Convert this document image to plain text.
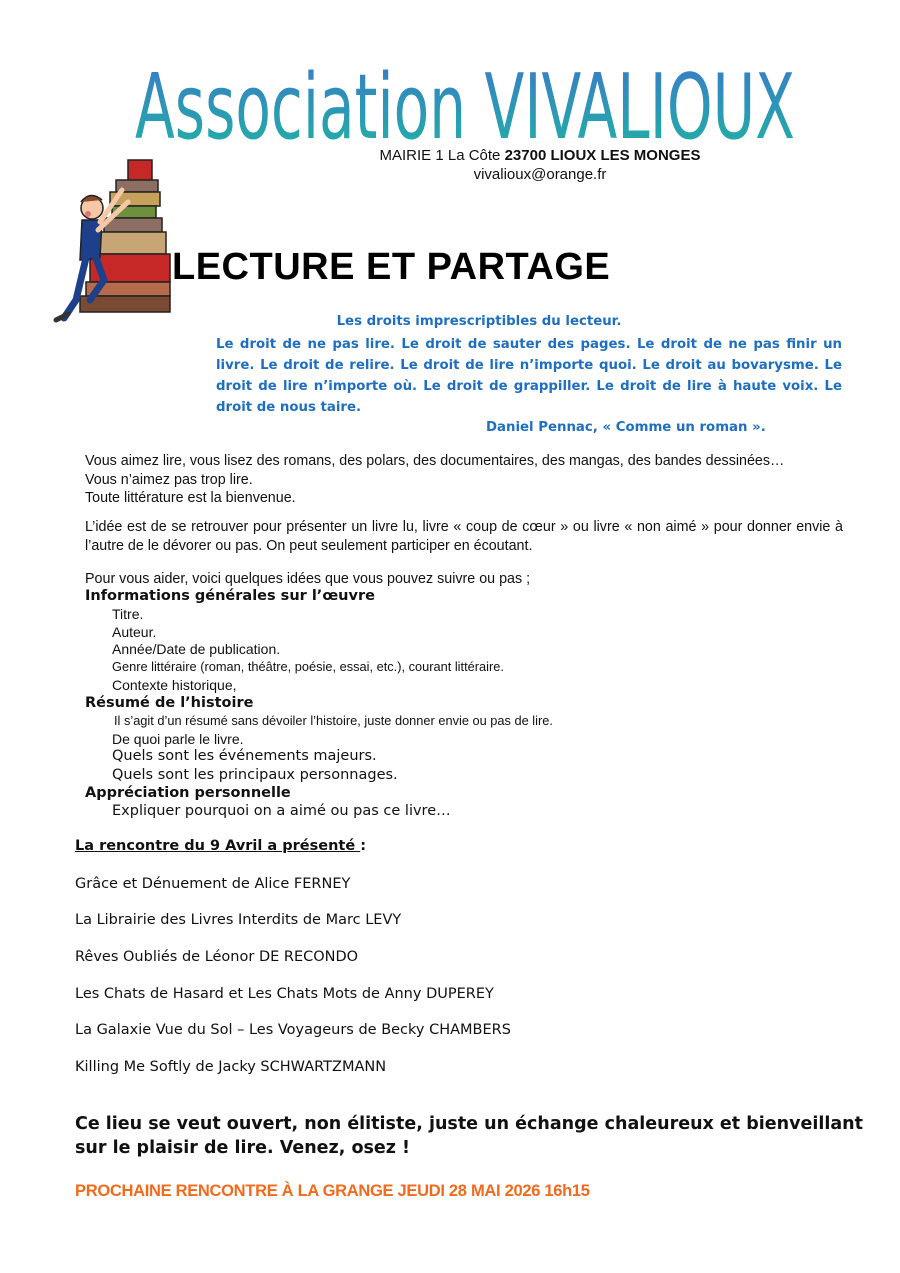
Association VIVALIOUX
MAIRIE 1 La Côte 23700 LIOUX LES MONGES
vivalioux@orange.fr
LECTURE ET PARTAGE
Les droits imprescriptibles du lecteur.
Le droit de ne pas lire. Le droit de sauter des pages. Le droit de ne pas finir un livre. Le droit de relire. Le droit de lire n’importe quoi. Le droit au bovarysme. Le droit de lire n’importe où. Le droit de grappiller. Le droit de lire à haute voix. Le droit de nous taire.
Daniel Pennac, « Comme un roman ».

Vous aimez lire, vous lisez des romans, des polars, des documentaires, des mangas, des bandes dessinées…

Vous n’aimez pas trop lire.

Toute littérature est la bienvenue.

L’idée est de se retrouver pour présenter un livre lu, livre « coup de cœur » ou livre « non aimé » pour donner envie à l’autre de le dévorer ou pas. On peut seulement participer en écoutant.
Pour vous aider, voici quelques idées que vous pouvez suivre ou pas ;
Informations générales sur l’œuvre
Titre.
Auteur.
Année/Date de publication.
Genre littéraire (roman, théâtre, poésie, essai, etc.), courant littéraire.
Contexte historique,
Résumé de l’histoire
Il s’agit d’un résumé sans dévoiler l’histoire, juste donner envie ou pas de lire.
De quoi parle le livre.
Quels sont les événements majeurs.
Quels sont les principaux personnages.
Appréciation personnelle
Expliquer pourquoi on a aimé ou pas ce livre…
La rencontre du 9 Avril a présenté :
Grâce et Dénuement de Alice FERNEY
La Librairie des Livres Interdits de Marc LEVY
Rêves Oubliés de Léonor DE RECONDO
Les Chats de Hasard et Les Chats Mots de Anny DUPEREY
La Galaxie Vue du Sol – Les Voyageurs de Becky CHAMBERS
Killing Me Softly de Jacky SCHWARTZMANN
Ce lieu se veut ouvert, non élitiste, juste un échange chaleureux et bienveillant sur le plaisir de lire. Venez, osez !
PROCHAINE RENCONTRE À LA GRANGE JEUDI 28 MAI 2026 16h15
